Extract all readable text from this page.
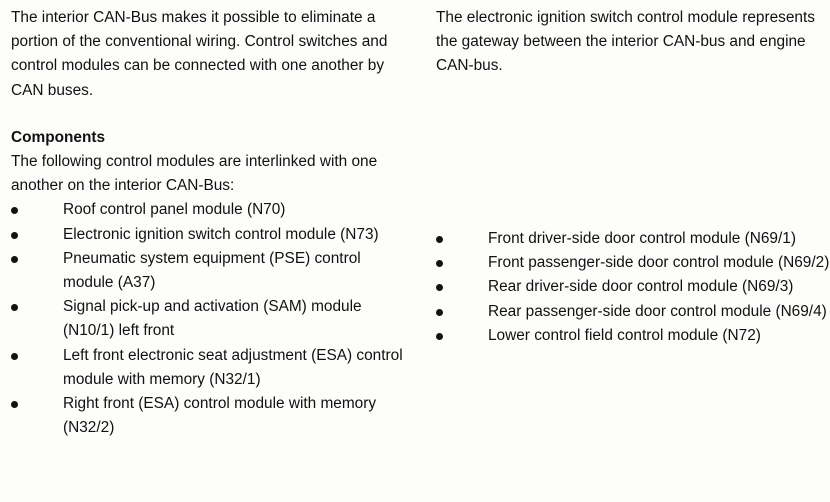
The interior CAN-Bus makes it possible to eliminate a portion of the conventional wiring. Control switches and control modules can be connected with one another by CAN buses.

Components

The following control modules are interlinked with one another on the interior CAN-Bus:

Roof control panel module (N70)
Electronic ignition switch control module (N73)
Pneumatic system equipment (PSE) control module (A37)
Signal pick-up and activation (SAM) module (N10/1) left front
Left front electronic seat adjustment (ESA) control module with memory (N32/1)
Right front (ESA) control module with memory (N32/2)

The electronic ignition switch control module represents the gateway between the interior CAN-bus and engine CAN-bus.

Front driver-side door control module (N69/1)
Front passenger-side door control module (N69/2)
Rear driver-side door control module (N69/3)
Rear passenger-side door control module (N69/4)
Lower control field control module (N72)
